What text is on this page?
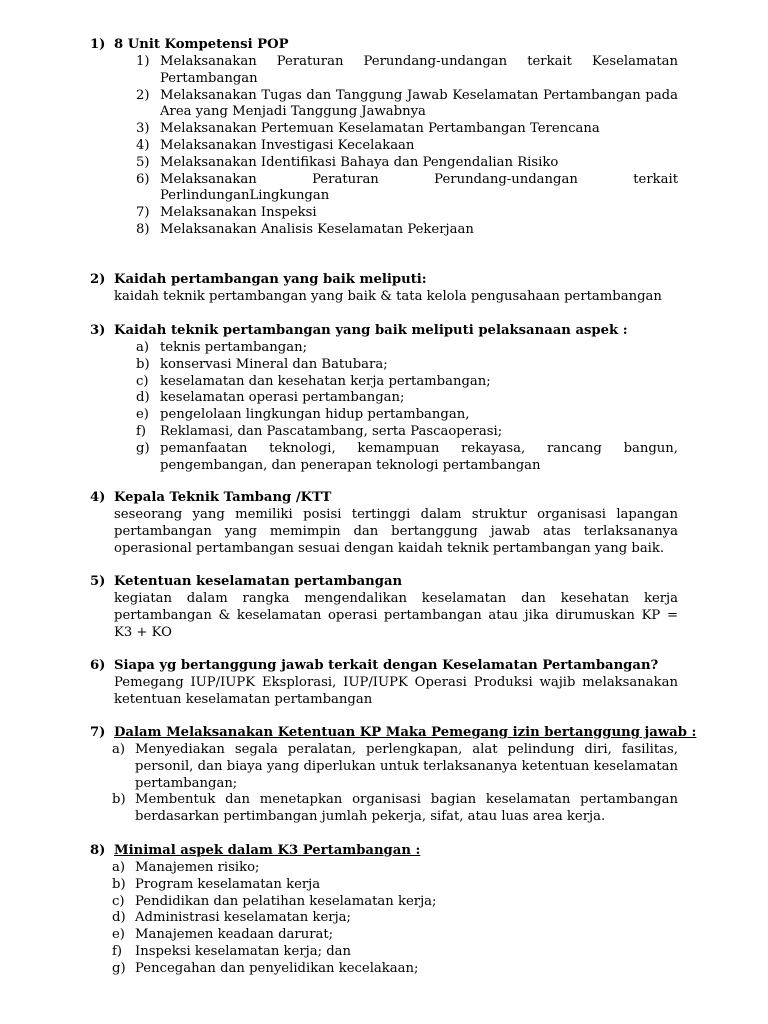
1) 8 Unit Kompetensi POP
1) Melaksanakan Peraturan Perundang-undangan terkait Keselamatan Pertambangan
2) Melaksanakan Tugas dan Tanggung Jawab Keselamatan Pertambangan pada Area yang Menjadi Tanggung Jawabnya
3) Melaksanakan Pertemuan Keselamatan Pertambangan Terencana
4) Melaksanakan Investigasi Kecelakaan
5) Melaksanakan Identifikasi Bahaya dan Pengendalian Risiko
6) Melaksanakan Peraturan Perundang-undangan terkait PerlindunganLingkungan
7) Melaksanakan Inspeksi
8) Melaksanakan Analisis Keselamatan Pekerjaan
2) Kaidah pertambangan yang baik meliputi:
kaidah teknik pertambangan yang baik & tata kelola pengusahaan pertambangan
3) Kaidah teknik pertambangan yang baik meliputi pelaksanaan aspek :
a) teknis pertambangan;
b) konservasi Mineral dan Batubara;
c) keselamatan dan kesehatan kerja pertambangan;
d) keselamatan operasi pertambangan;
e) pengelolaan lingkungan hidup pertambangan,
f) Reklamasi, dan Pascatambang, serta Pascaoperasi;
g) pemanfaatan teknologi, kemampuan rekayasa, rancang bangun, pengembangan, dan penerapan teknologi pertambangan
4) Kepala Teknik Tambang /KTT
seseorang yang memiliki posisi tertinggi dalam struktur organisasi lapangan pertambangan yang memimpin dan bertanggung jawab atas terlaksananya operasional pertambangan sesuai dengan kaidah teknik pertambangan yang baik.
5) Ketentuan keselamatan pertambangan
kegiatan dalam rangka mengendalikan keselamatan dan kesehatan kerja pertambangan & keselamatan operasi pertambangan atau jika dirumuskan KP = K3 + KO
6) Siapa yg bertanggung jawab terkait dengan Keselamatan Pertambangan?
Pemegang IUP/IUPK Eksplorasi, IUP/IUPK Operasi Produksi wajib melaksanakan ketentuan keselamatan pertambangan
7) Dalam Melaksanakan Ketentuan KP Maka Pemegang izin bertanggung jawab :
a) Menyediakan segala peralatan, perlengkapan, alat pelindung diri, fasilitas, personil, dan biaya yang diperlukan untuk terlaksananya ketentuan keselamatan pertambangan;
b) Membentuk dan menetapkan organisasi bagian keselamatan pertambangan berdasarkan pertimbangan jumlah pekerja, sifat, atau luas area kerja.
8) Minimal aspek dalam K3 Pertambangan :
a) Manajemen risiko;
b) Program keselamatan kerja
c) Pendidikan dan pelatihan keselamatan kerja;
d) Administrasi keselamatan kerja;
e) Manajemen keadaan darurat;
f) Inspeksi keselamatan kerja; dan
g) Pencegahan dan penyelidikan kecelakaan;
